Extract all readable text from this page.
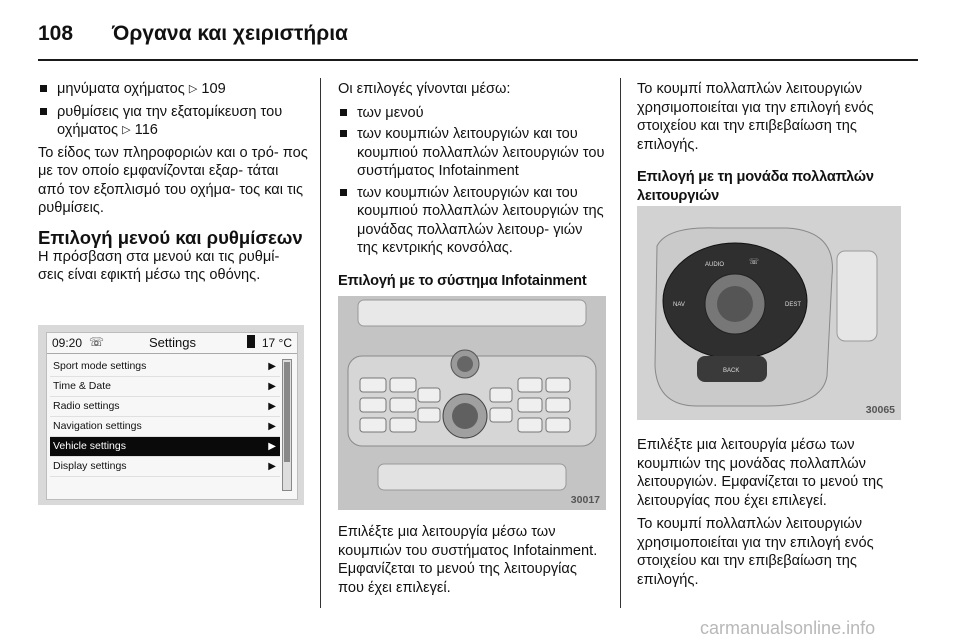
108 Όργανα και χειριστήρια
μηνύματα οχήματος ▷ 109
ρυθμίσεις για την εξατομίκευση του
οχήματος ▷ 116

Το είδος των πληροφοριών και ο τρό- πος με τον οποίο εμφανίζονται εξαρ- τάται από τον εξοπλισμό του οχήμα- τος και τις ρυθμίσεις.

Επιλογή μενού και ρυθμίσεων

Η πρόσβαση στα μενού και τις ρυθμί- σεις είναι εφικτή μέσω της οθόνης.

09:20 ☏	Settings	17 °C
Sport mode settings	▶
Time & Date	▶
Radio settings	▶
Navigation settings	▶
Vehicle settings	▶
Display settings	▶

Οι επιλογές γίνονται μέσω:

των μενού
των κουμπιών λειτουργιών και του κουμπιού πολλαπλών λειτουργιών του συστήματος Infotainment
των κουμπιών λειτουργιών και του κουμπιού πολλαπλών λειτουργιών της μονάδας πολλαπλών λειτουρ- γιών της κεντρικής κονσόλας.
Επιλογή με το σύστημα Infotainment
30017

Επιλέξτε μια λειτουργία μέσω των κουμπιών του συστήματος Infotainment. Εμφανίζεται το μενού της λειτουργίας που έχει επιλεγεί.

Το κουμπί πολλαπλών λειτουργιών χρησιμοποιείται για την επιλογή ενός στοιχείου και την επιβεβαίωση της επιλογής.

Επιλογή με τη μονάδα πολλαπλών
λειτουργιών
AUDIO
NAV	DEST
BACK
☏
30065

Επιλέξτε μια λειτουργία μέσω των κουμπιών της μονάδας πολλαπλών λειτουργιών. Εμφανίζεται το μενού της λειτουργίας που έχει επιλεγεί.

Το κουμπί πολλαπλών λειτουργιών χρησιμοποιείται για την επιλογή ενός στοιχείου και την επιβεβαίωση της επιλογής.

carmanualsonline.info
